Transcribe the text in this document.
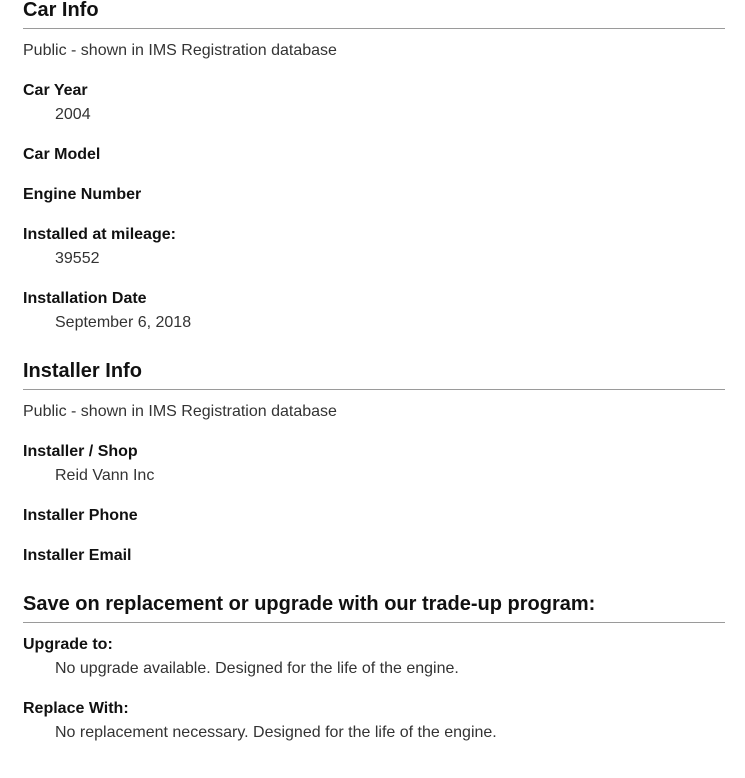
Car Info
Public - shown in IMS Registration database
Car Year
2004
Car Model
Engine Number
Installed at mileage:
39552
Installation Date
September 6, 2018
Installer Info
Public - shown in IMS Registration database
Installer / Shop
Reid Vann Inc
Installer Phone
Installer Email
Save on replacement or upgrade with our trade-up program:
Upgrade to:
No upgrade available. Designed for the life of the engine.
Replace With:
No replacement necessary. Designed for the life of the engine.
